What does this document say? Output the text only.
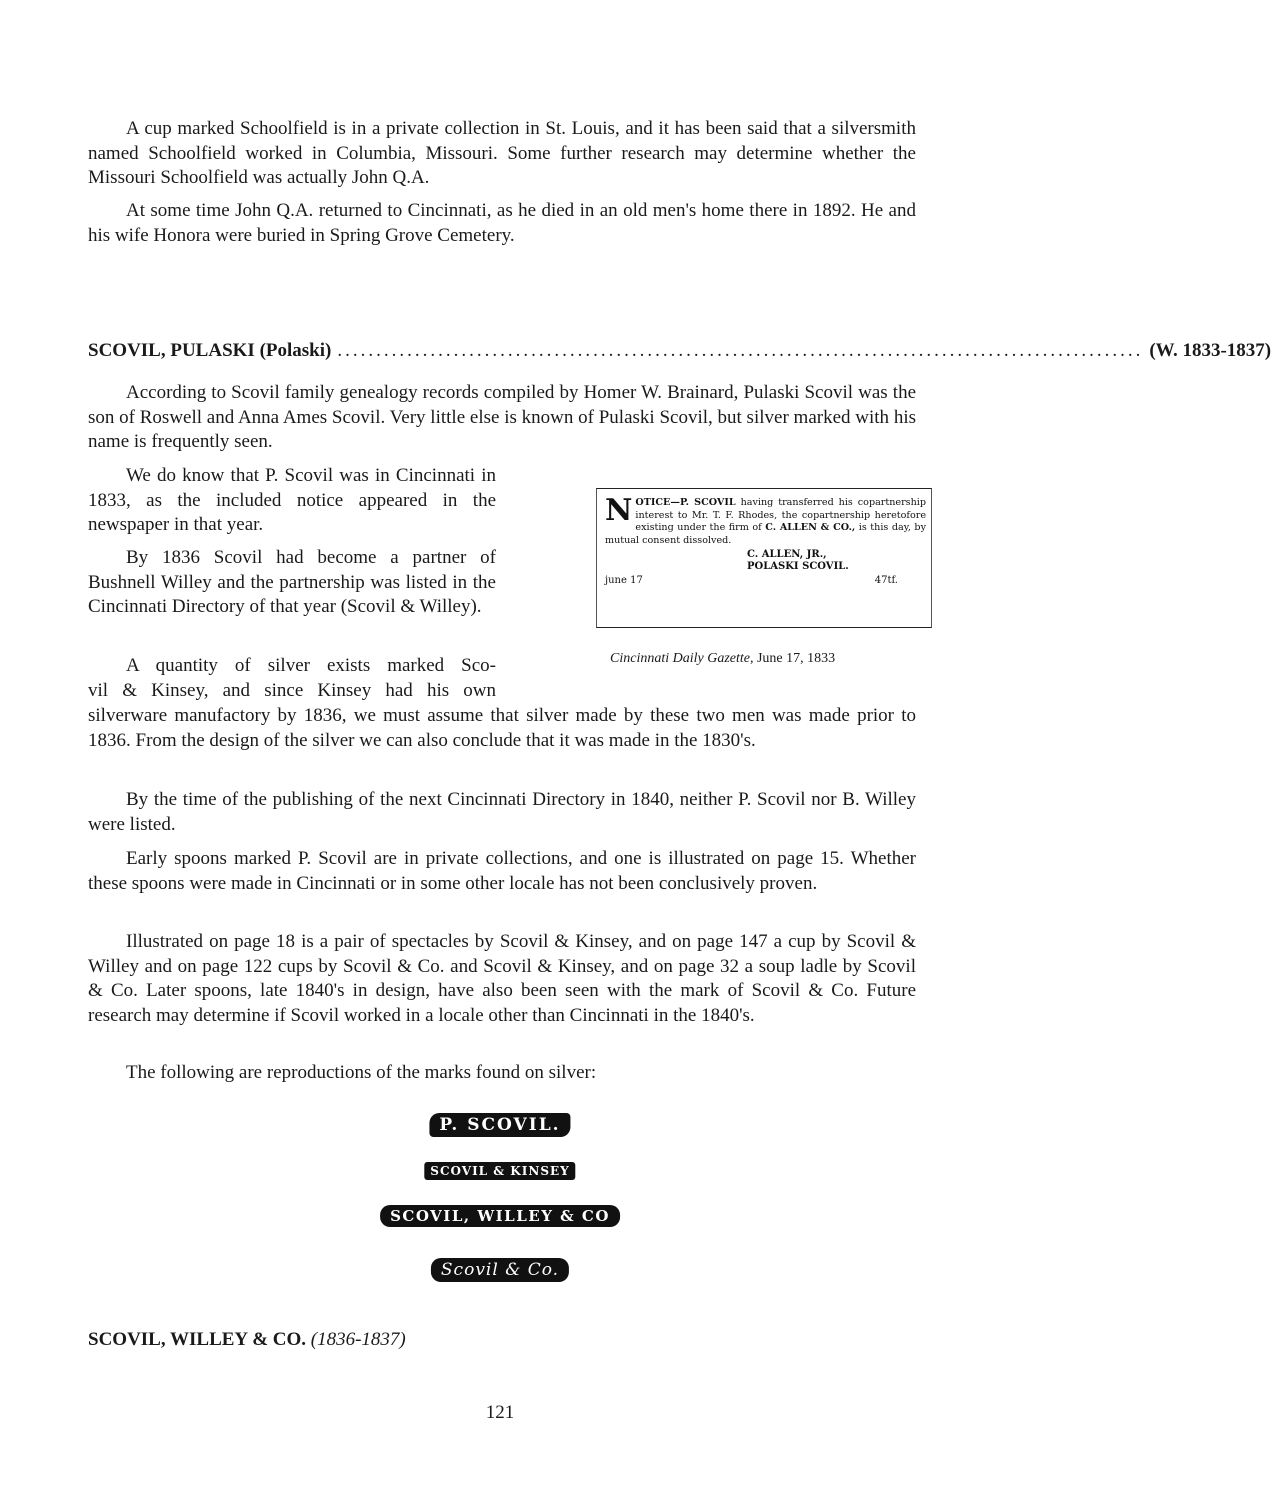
A cup marked Schoolfield is in a private collection in St. Louis, and it has been said that a silversmith named Schoolfield worked in Columbia, Missouri. Some further research may determine whether the Missouri Schoolfield was actually John Q.A.

At some time John Q.A. returned to Cincinnati, as he died in an old men's home there in 1892. He and his wife Honora were buried in Spring Grove Cemetery.

SCOVIL, PULASKI (Polaski) ........................................................................................................ (W. 1833-1837)

According to Scovil family genealogy records compiled by Homer W. Brainard, Pulaski Scovil was the son of Roswell and Anna Ames Scovil. Very little else is known of Pulaski Scovil, but silver marked with his name is frequently seen.

We do know that P. Scovil was in Cincinnati in 1833, as the included notice appeared in the newspaper in that year.

By 1836 Scovil had become a partner of Bushnell Willey and the partnership was listed in the Cincinnati Directory of that year (Scovil & Willey).

N OTICE—P. SCOVIL having transferred his copartnership interest to Mr. T. F. Rhodes, the copartnership heretofore existing under the firm of C. ALLEN & CO., is this day, by mutual consent dissolved.
C. ALLEN, JR.,
POLASKI SCOVIL.
june 17	47tf.
Cincinnati Daily Gazette, June 17, 1833

A quantity of silver exists marked Sco-

vil & Kinsey, and since Kinsey had his own

silverware manufactory by 1836, we must assume that silver made by these two men was made prior to 1836. From the design of the silver we can also conclude that it was made in the 1830's.

By the time of the publishing of the next Cincinnati Directory in 1840, neither P. Scovil nor B. Willey were listed.

Early spoons marked P. Scovil are in private collections, and one is illustrated on page 15. Whether these spoons were made in Cincinnati or in some other locale has not been conclusively proven.

Illustrated on page 18 is a pair of spectacles by Scovil & Kinsey, and on page 147 a cup by Scovil & Willey and on page 122 cups by Scovil & Co. and Scovil & Kinsey, and on page 32 a soup ladle by Scovil & Co. Later spoons, late 1840's in design, have also been seen with the mark of Scovil & Co. Future research may determine if Scovil worked in a locale other than Cincinnati in the 1840's.

The following are reproductions of the marks found on silver:

P. SCOVIL.
SCOVIL & KINSEY
SCOVIL, WILLEY & CO
Scovil & Co.
SCOVIL, WILLEY & CO. (1836-1837)
121
